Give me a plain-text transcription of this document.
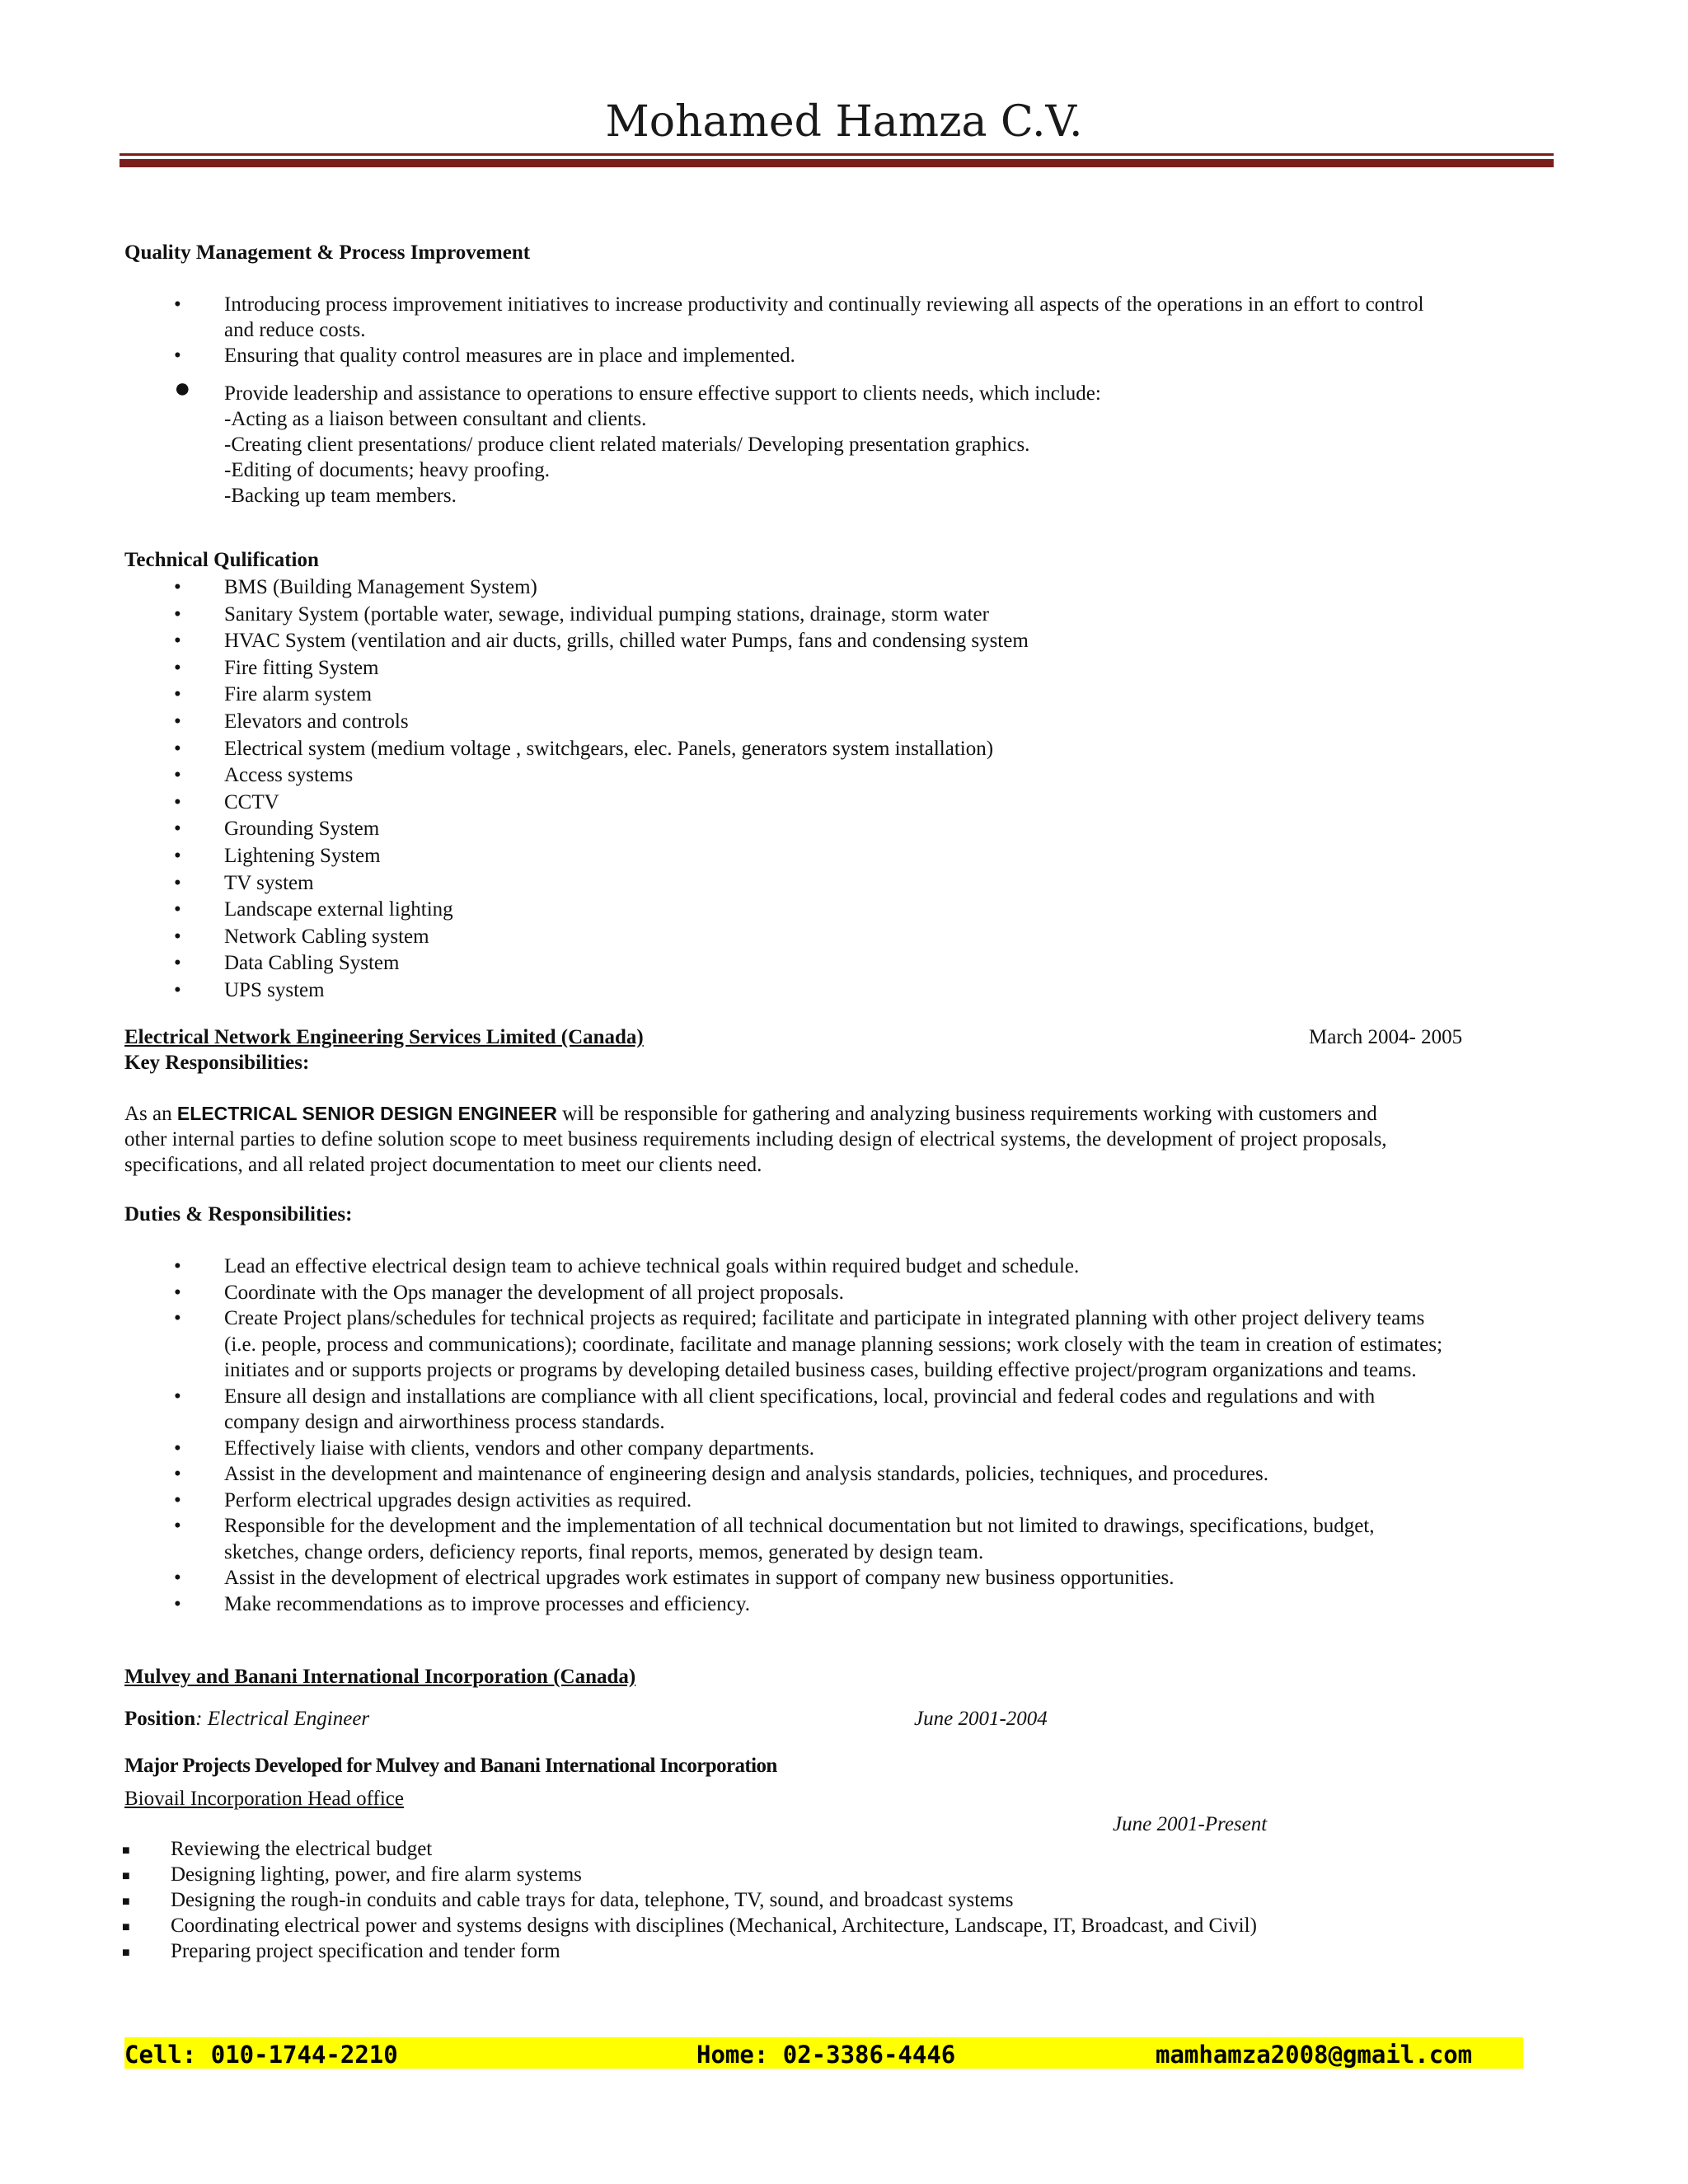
Mohamed Hamza C.V.
Quality Management & Process Improvement
• Introducing process improvement initiatives to increase productivity and continually reviewing all aspects of the operations in an effort to control
and reduce costs.
• Ensuring that quality control measures are in place and implemented.
● Provide leadership and assistance to operations to ensure effective support to clients needs, which include:
-Acting as a liaison between consultant and clients.
-Creating client presentations/ produce client related materials/ Developing presentation graphics.
-Editing of documents; heavy proofing.
-Backing up team members.
Technical Qulification
• BMS (Building Management System)
• Sanitary System (portable water, sewage, individual pumping stations, drainage, storm water
• HVAC System (ventilation and air ducts, grills, chilled water Pumps, fans and condensing system
• Fire fitting System
• Fire alarm system
• Elevators and controls
• Electrical system (medium voltage , switchgears, elec. Panels, generators system installation)
• Access systems
• CCTV
• Grounding System
• Lightening System
• TV system
• Landscape external lighting
• Network Cabling system
• Data Cabling System
• UPS system
Electrical Network Engineering Services Limited (Canada)	March 2004- 2005
Key Responsibilities:
As an ELECTRICAL SENIOR DESIGN ENGINEER will be responsible for gathering and analyzing business requirements working with customers and
other internal parties to define solution scope to meet business requirements including design of electrical systems, the development of project proposals,
specifications, and all related project documentation to meet our clients need.
Duties & Responsibilities:
• Lead an effective electrical design team to achieve technical goals within required budget and schedule.
• Coordinate with the Ops manager the development of all project proposals.
• Create Project plans/schedules for technical projects as required; facilitate and participate in integrated planning with other project delivery teams
(i.e. people, process and communications); coordinate, facilitate and manage planning sessions; work closely with the team in creation of estimates;
initiates and or supports projects or programs by developing detailed business cases, building effective project/program organizations and teams.
• Ensure all design and installations are compliance with all client specifications, local, provincial and federal codes and regulations and with
company design and airworthiness process standards.
• Effectively liaise with clients, vendors and other company departments.
• Assist in the development and maintenance of engineering design and analysis standards, policies, techniques, and procedures.
• Perform electrical upgrades design activities as required.
• Responsible for the development and the implementation of all technical documentation but not limited to drawings, specifications, budget,
sketches, change orders, deficiency reports, final reports, memos, generated by design team.
• Assist in the development of electrical upgrades work estimates in support of company new business opportunities.
• Make recommendations as to improve processes and efficiency.
Mulvey and Banani International Incorporation (Canada)
Position: Electrical Engineer	June 2001-2004
Major Projects Developed for Mulvey and Banani International Incorporation
Biovail Incorporation Head office
June 2001-Present
■ Reviewing the electrical budget
■ Designing lighting, power, and fire alarm systems
■ Designing the rough-in conduits and cable trays for data, telephone, TV, sound, and broadcast systems
■ Coordinating electrical power and systems designs with disciplines (Mechanical, Architecture, Landscape, IT, Broadcast, and Civil)
■ Preparing project specification and tender form
Cell: 010-1744-2210	Home: 02-3386-4446	mamhamza2008@gmail.com
